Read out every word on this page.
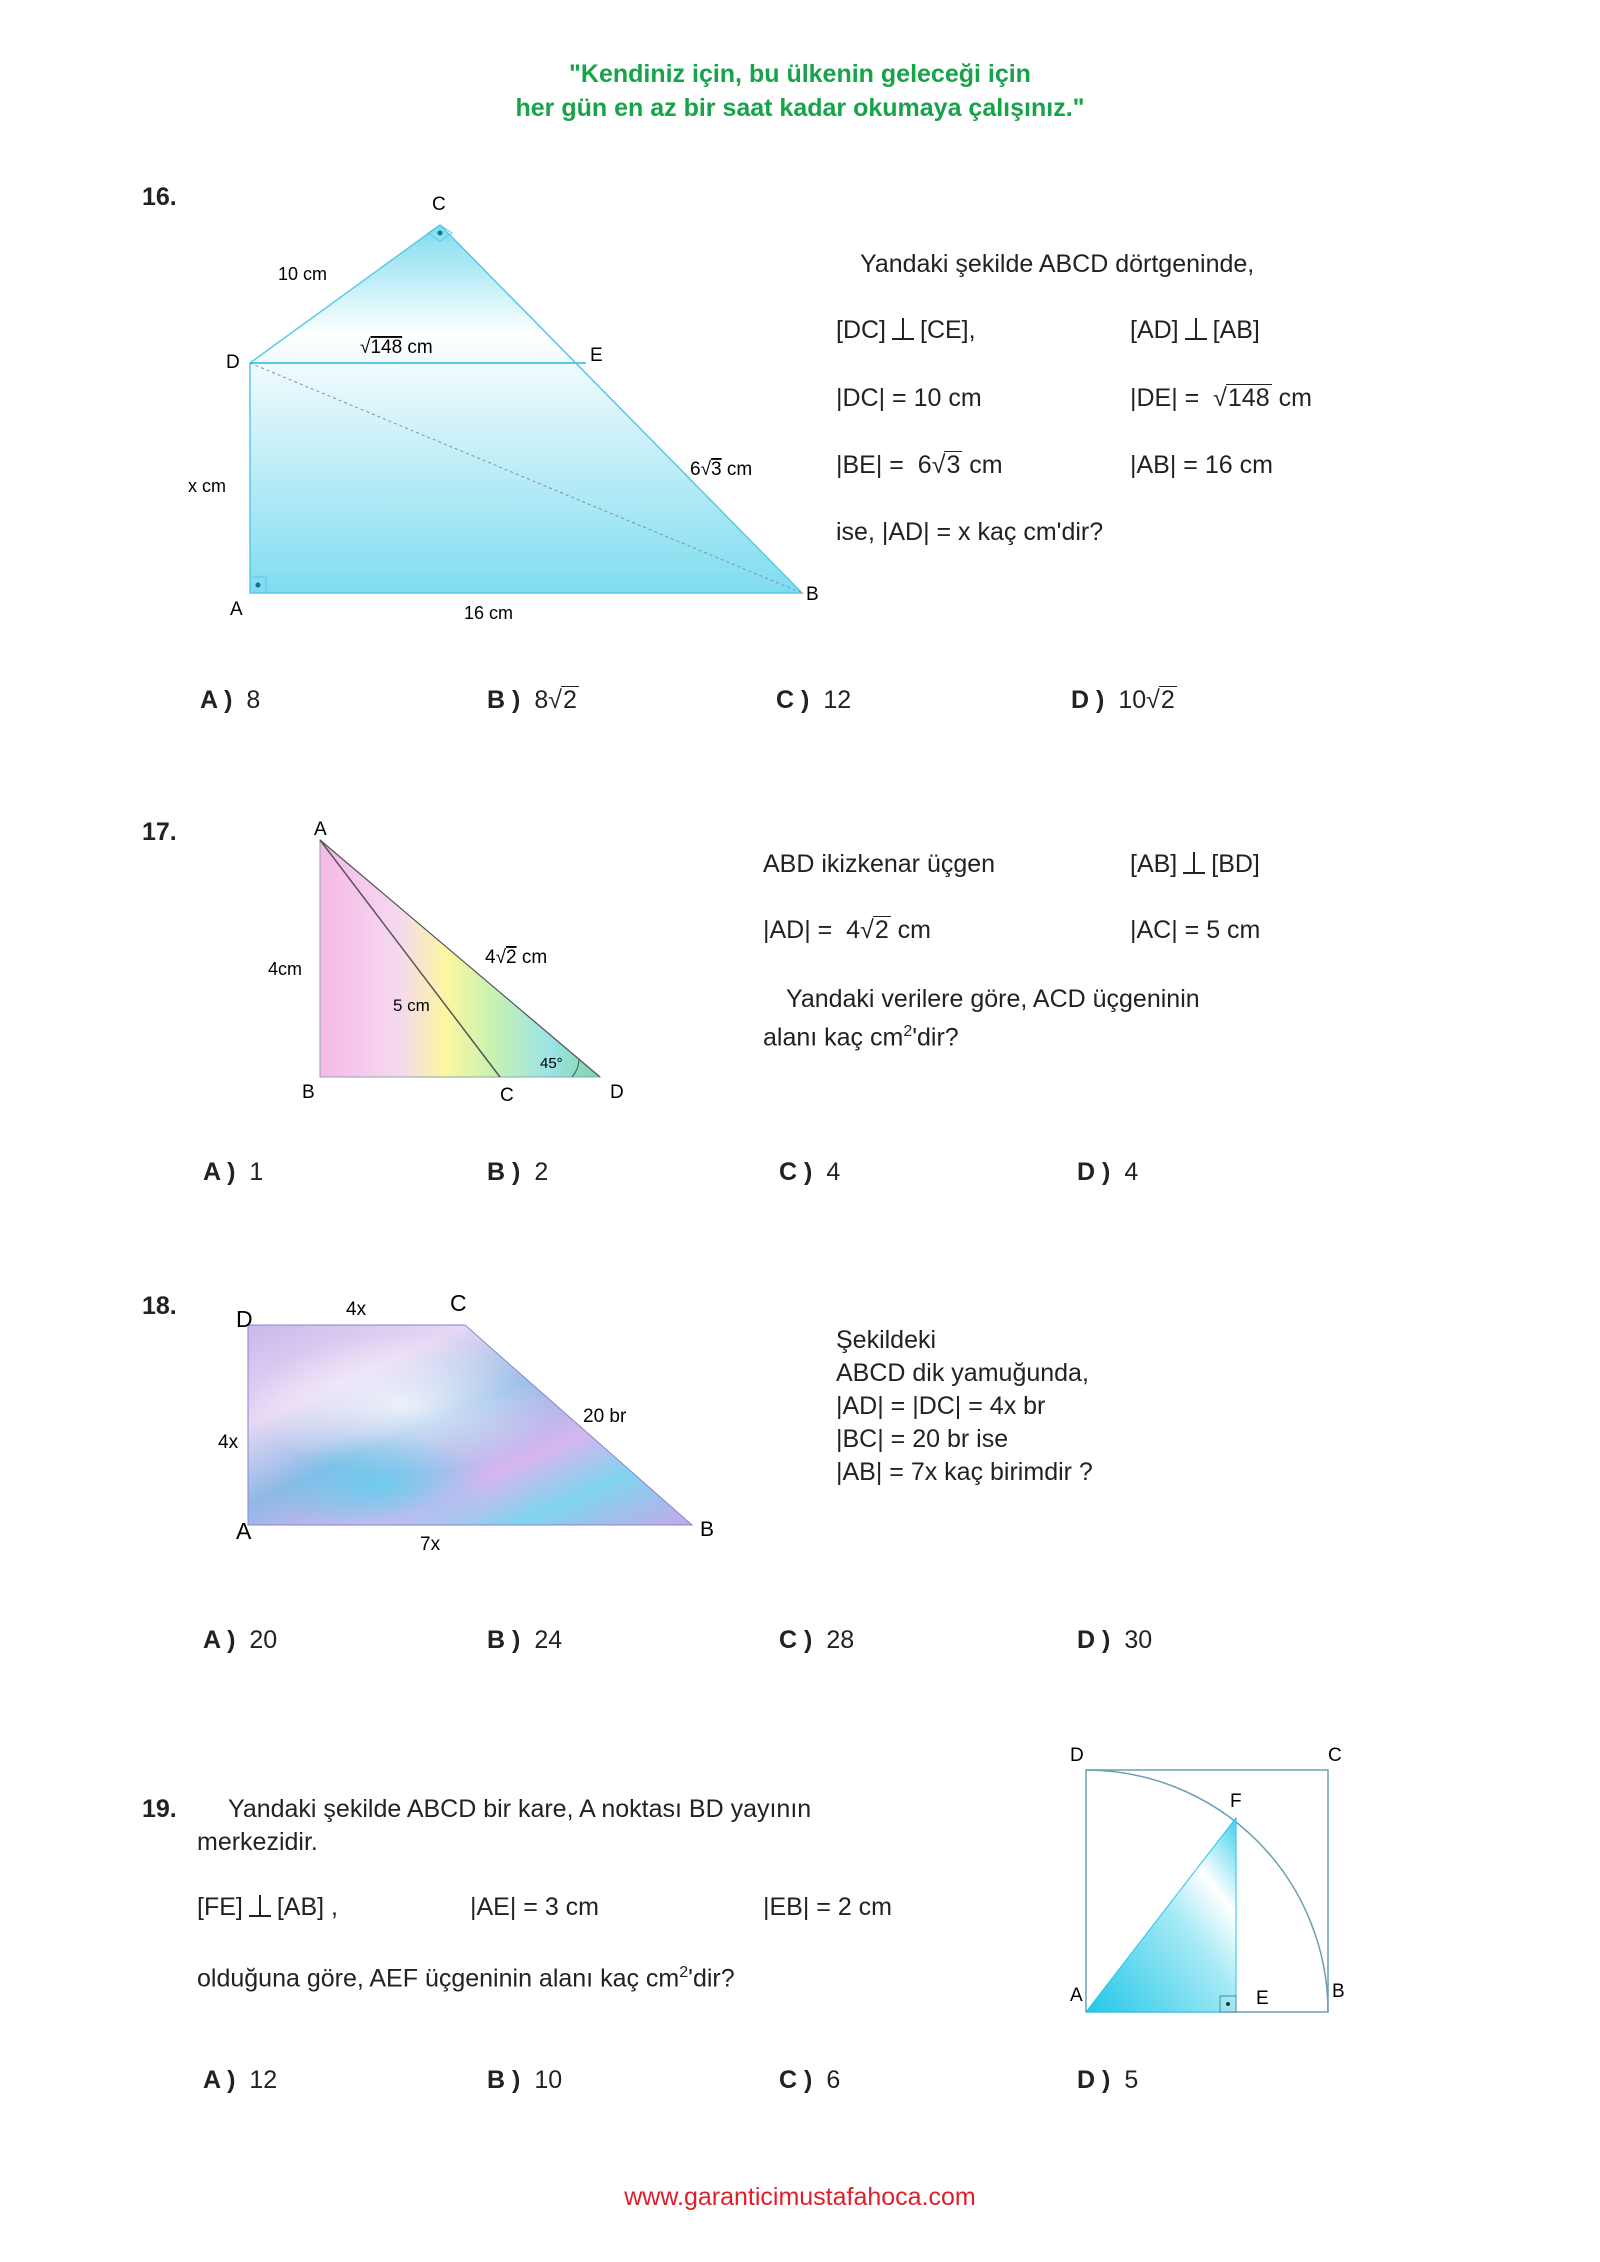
"Kendiniz için, bu ülkenin geleceği için
her gün en az bir saat kadar okumaya çalışınız."
16.	C
D	E
A
B
10 cm
√148 cm
6√3 cm
x cm
16 cm
Yandaki şekilde ABCD dörtgeninde,
[DC] [CE],	[AD] [AB]
|DC| = 10 cm	|DE| = √148 cm
|BE| = 6√3 cm	|AB| = 16 cm
ise, |AD| = x kaç cm'dir?
A ) 8	B ) 8√2	C ) 12	D ) 10√2
17.	A
B	C	D
4cm
5 cm
4√2 cm
45°
ABD ikizkenar üçgen	[AB] [BD]
|AD| = 4√2 cm	|AC| = 5 cm
Yandaki verilere göre, ACD üçgeninin
alanı kaç $cm^2'dir$?
A ) 1	B ) 2	C ) 4	D ) 4
18.	D
C
A	B
4x
4x
20 br
7x
Şekildeki
ABCD dik yamuğunda,
|AD| = |DC| = 4x br
|BC| = 20 br ise
|AB| = 7x kaç birimdir ?
A ) 20	B ) 24	C ) 28	D ) 30
19. Yandaki şekilde ABCD bir kare, A noktası BD yayının
merkezidir.
[FE] [AB] ,	|AE| = 3 cm	|EB| = 2 cm
olduğuna göre, AEF üçgeninin alanı kaç $cm^2'dir$?
D	C
F
A	E	B
A ) 12	B ) 10	C ) 6	D ) 5
www.garanticimustafahoca.com
